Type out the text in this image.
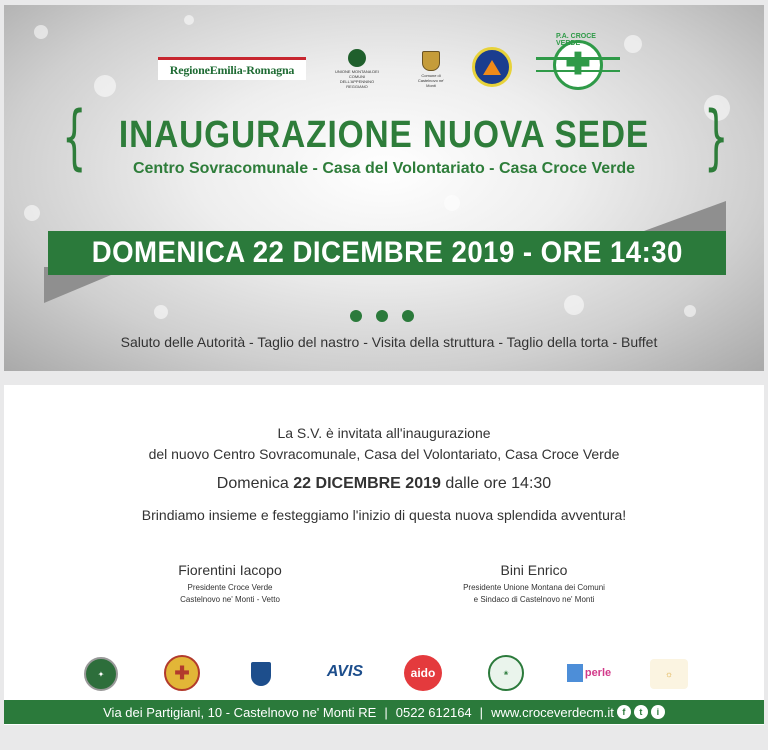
RegioneEmilia-Romagna	UNIONE MONTANA DEI COMUNI DELL'APPENNINO REGGIANO
Comune di Castelnovo ne' Monti
P.A. CROCE VERDE
✚
{	}
INAUGURAZIONE NUOVA SEDE
Centro Sovracomunale - Casa del Volontariato - Casa Croce Verde
DOMENICA 22 DICEMBRE 2019 - ORE 14:30
Saluto delle Autorità - Taglio del nastro - Visita della struttura - Taglio della torta - Buffet
La S.V. è invitata all'inaugurazione
del nuovo Centro Sovracomunale, Casa del Volontariato, Casa Croce Verde
Domenica 22 DICEMBRE 2019 dalle ore 14:30
Brindiamo insieme e festeggiamo l'inizio di questa nuova splendida avventura!
Fiorentini Iacopo
Presidente Croce Verde
Castelnovo ne' Monti - Vetto
Bini Enrico
Presidente Unione Montana dei Comuni
e Sindaco di Castelnovo ne' Monti
✦	✚	AVIS	aido	❀	perle	☼
Via dei Partigiani, 10 - Castelnovo ne' Monti RE | 0522 612164 | www.croceverdecm.it f	t	i
